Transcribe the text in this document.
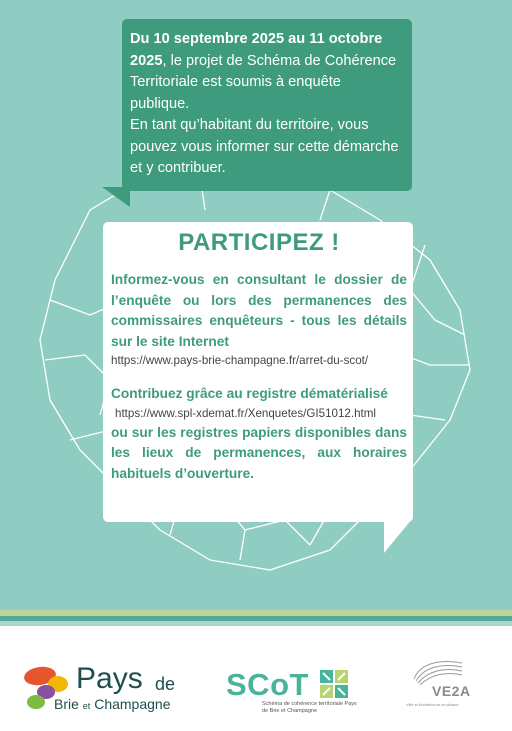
Du 10 septembre 2025 au 11 octobre 2025, le projet de Schéma de Cohérence Territoriale est soumis à enquête publique.
En tant qu’habitant du territoire, vous pouvez vous informer sur cette démarche et y contribuer.
PARTICIPEZ !

Informez-vous en consultant le dossier de l’enquête ou lors des permanences des commissaires enquêteurs - tous les détails sur le site Internet

https://www.pays-brie-champagne.fr/arret-du-scot/

Contribuez grâce au registre dématérialisé

https://www.spl-xdemat.fr/Xenquetes/GI51012.html

ou sur les registres papiers disponibles dans les lieux de permanences, aux horaires habituels d’ouverture.

Pays de
Brie et Champagne
SCoT
Schéma de cohérence territoriale Pays de Brie et Champagne
VE2A
Ville et Architecture en Alsace
